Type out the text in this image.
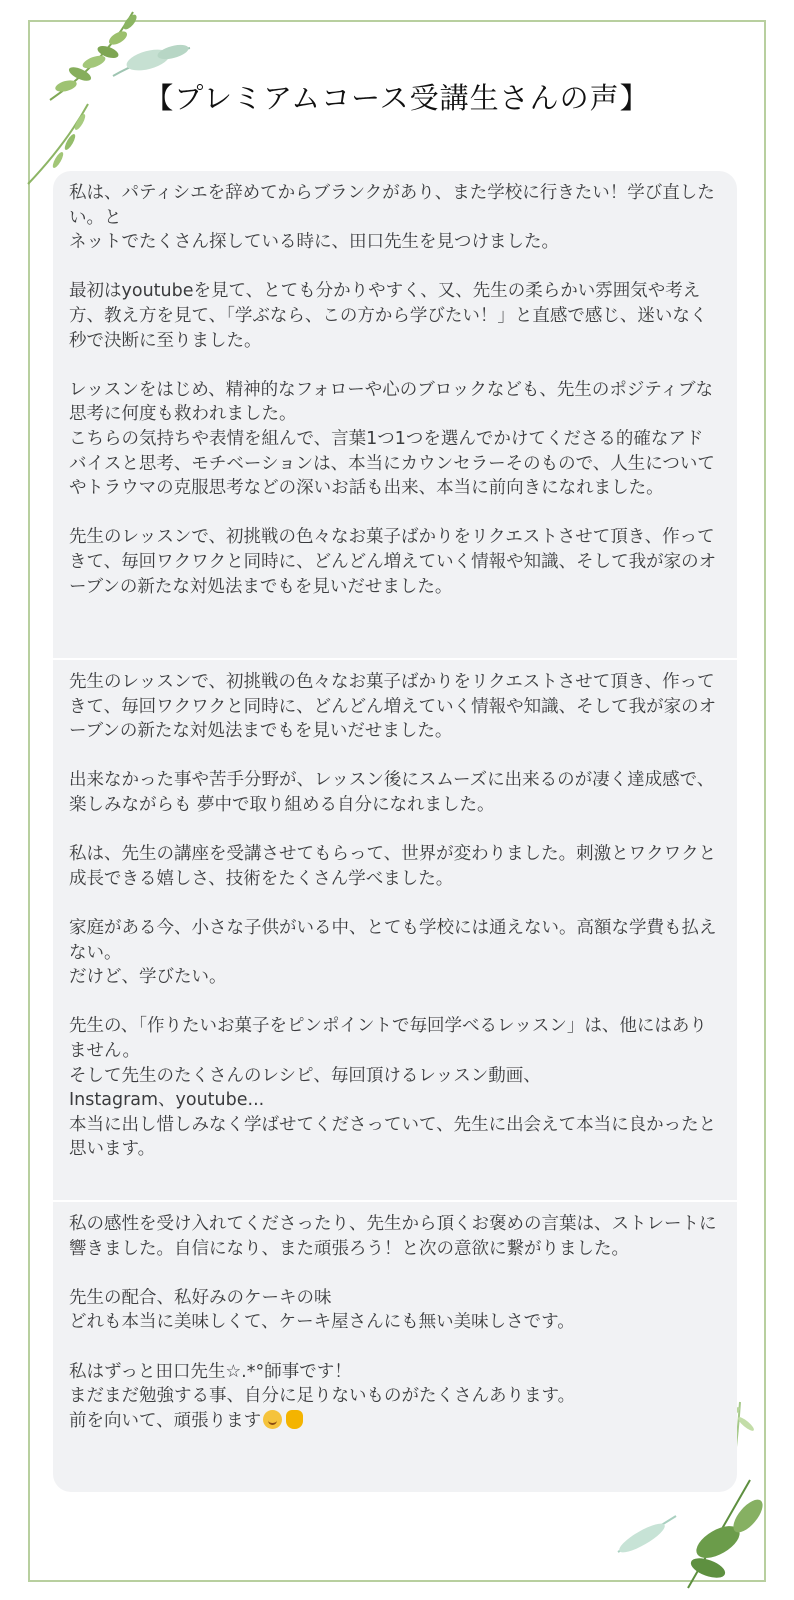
【プレミアムコース受講生さんの声】

私は、パティシエを辞めてからブランクがあり、また学校に行きたい！学び直したい。と
ネットでたくさん探している時に、田口先生を見つけました。

最初はyoutubeを見て、とても分かりやすく、又、先生の柔らかい雰囲気や考え方、教え方を見て、「学ぶなら、この方から学びたい！」と直感で感じ、迷いなく秒で決断に至りました。

レッスンをはじめ、精神的なフォローや心のブロックなども、先生のポジティブな思考に何度も救われました。
こちらの気持ちや表情を組んで、言葉1つ1つを選んでかけてくださる的確なアドバイスと思考、モチベーションは、本当にカウンセラーそのもので、人生についてやトラウマの克服思考などの深いお話も出来、本当に前向きになれました。

先生のレッスンで、初挑戦の色々なお菓子ばかりをリクエストさせて頂き、作ってきて、毎回ワクワクと同時に、どんどん増えていく情報や知識、そして我が家のオーブンの新たな対処法までもを見いだせました。

先生のレッスンで、初挑戦の色々なお菓子ばかりをリクエストさせて頂き、作ってきて、毎回ワクワクと同時に、どんどん増えていく情報や知識、そして我が家のオーブンの新たな対処法までもを見いだせました。

出来なかった事や苦手分野が、レッスン後にスムーズに出来るのが凄く達成感で、楽しみながらも 夢中で取り組める自分になれました。

私は、先生の講座を受講させてもらって、世界が変わりました。刺激とワクワクと成長できる嬉しさ、技術をたくさん学べました。

家庭がある今、小さな子供がいる中、とても学校には通えない。高額な学費も払えない。
だけど、学びたい。

先生の、「作りたいお菓子をピンポイントで毎回学べるレッスン」は、他にはありません。
そして先生のたくさんのレシピ、毎回頂けるレッスン動画、
Instagram、youtube...
本当に出し惜しみなく学ばせてくださっていて、先生に出会えて本当に良かったと思います。

私の感性を受け入れてくださったり、先生から頂くお褒めの言葉は、ストレートに響きました。自信になり、また頑張ろう！と次の意欲に繋がりました。

先生の配合、私好みのケーキの味
どれも本当に美味しくて、ケーキ屋さんにも無い美味しさです。

私はずっと田口先生☆.*°師事です！
まだまだ勉強する事、自分に足りないものがたくさんあります。

前を向いて、頑張ります
